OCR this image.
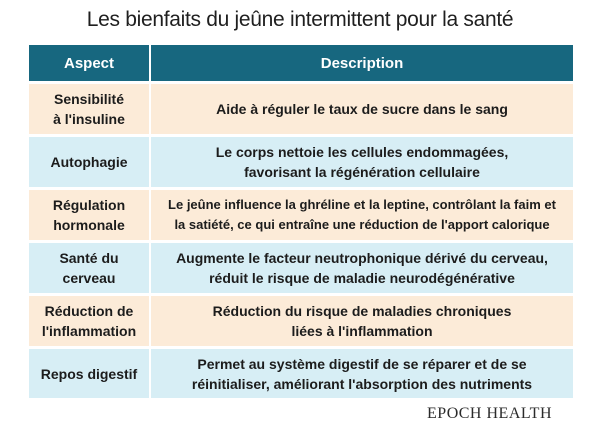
Les bienfaits du jeûne intermittent pour la santé
Aspect	Description

Sensibilité
à l'insuline	Aide à réguler le taux de sucre dans le sang

Autophagie	Le corps nettoie les cellules endommagées,
favorisant la régénération cellulaire

Régulation
hormonale	Le jeûne influence la ghréline et la leptine, contrôlant la faim et
la satiété, ce qui entraîne une réduction de l'apport calorique

Santé du
cerveau	Augmente le facteur neutrophonique dérivé du cerveau,
réduit le risque de maladie neurodégénérative

Réduction de
l'inflammation	Réduction du risque de maladies chroniques
liées à l'inflammation

Repos digestif	Permet au système digestif de se réparer et de se
réinitialiser, améliorant l'absorption des nutriments
EPOCH HEALTH
